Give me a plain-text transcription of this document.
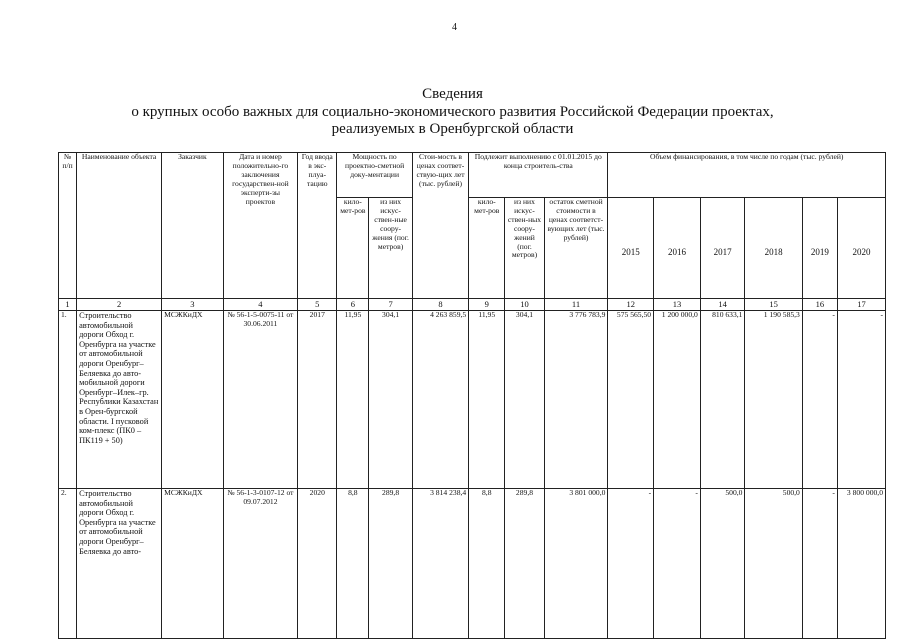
4
Сведения
о крупных особо важных для социально-экономического развития Российской Федерации проектах,
реализуемых в Оренбургской области
№ п/п	Наименование объекта	Заказчик	Дата и номер положительно-го заключения государствен-ной эксперти-зы проектов	Год ввода в экс-плуа-тацию	Мощность по проектно-сметной доку-ментации		Стои-мость в ценах соответ-ствую-щих лет (тыс. рублей)	Подлежит выполнению с 01.01.2015 до конца строитель-ства			Объем финансирования, в том числе по годам (тыс. рублей)					
					кило-мет-ров	из них искус-ствен-ные соору-жения (пог. метров)		кило-мет-ров	из них искус-ствен-ных соору-жений (пог. метров)	остаток сметной стоимости в ценах соответст-вующих лет (тыс. рублей)	2015	2016	2017	2018	2019	2020
1	2	3	4	5	6	7	8	9	10	11	12	13	14	15	16	17
1.	Строительство автомобильной дороги Обход г. Оренбурга на участке от автомобильной дороги Оренбург–Беляевка до авто-мобильной дороги Оренбург–Илек–гр. Республики Казахстан в Орен-бургской области. I пусковой ком-плекс (ПК0 – ПК119 + 50)	МСЖКиДХ	№ 56-1-5-0075-11 от 30.06.2011	2017	11,95	304,1	4 263 859,5	11,95	304,1	3 776 783,9	575 565,50	1 200 000,0	810 633,1	1 190 585,3	-	-
2.	Строительство автомобильной дороги Обход г. Оренбурга на участке от автомобильной дороги Оренбург–Беляевка до авто-	МСЖКиДХ	№ 56-1-3-0107-12 от 09.07.2012	2020	8,8	289,8	3 814 238,4	8,8	289,8	3 801 000,0	-	-	500,0	500,0	-	3 800 000,0
